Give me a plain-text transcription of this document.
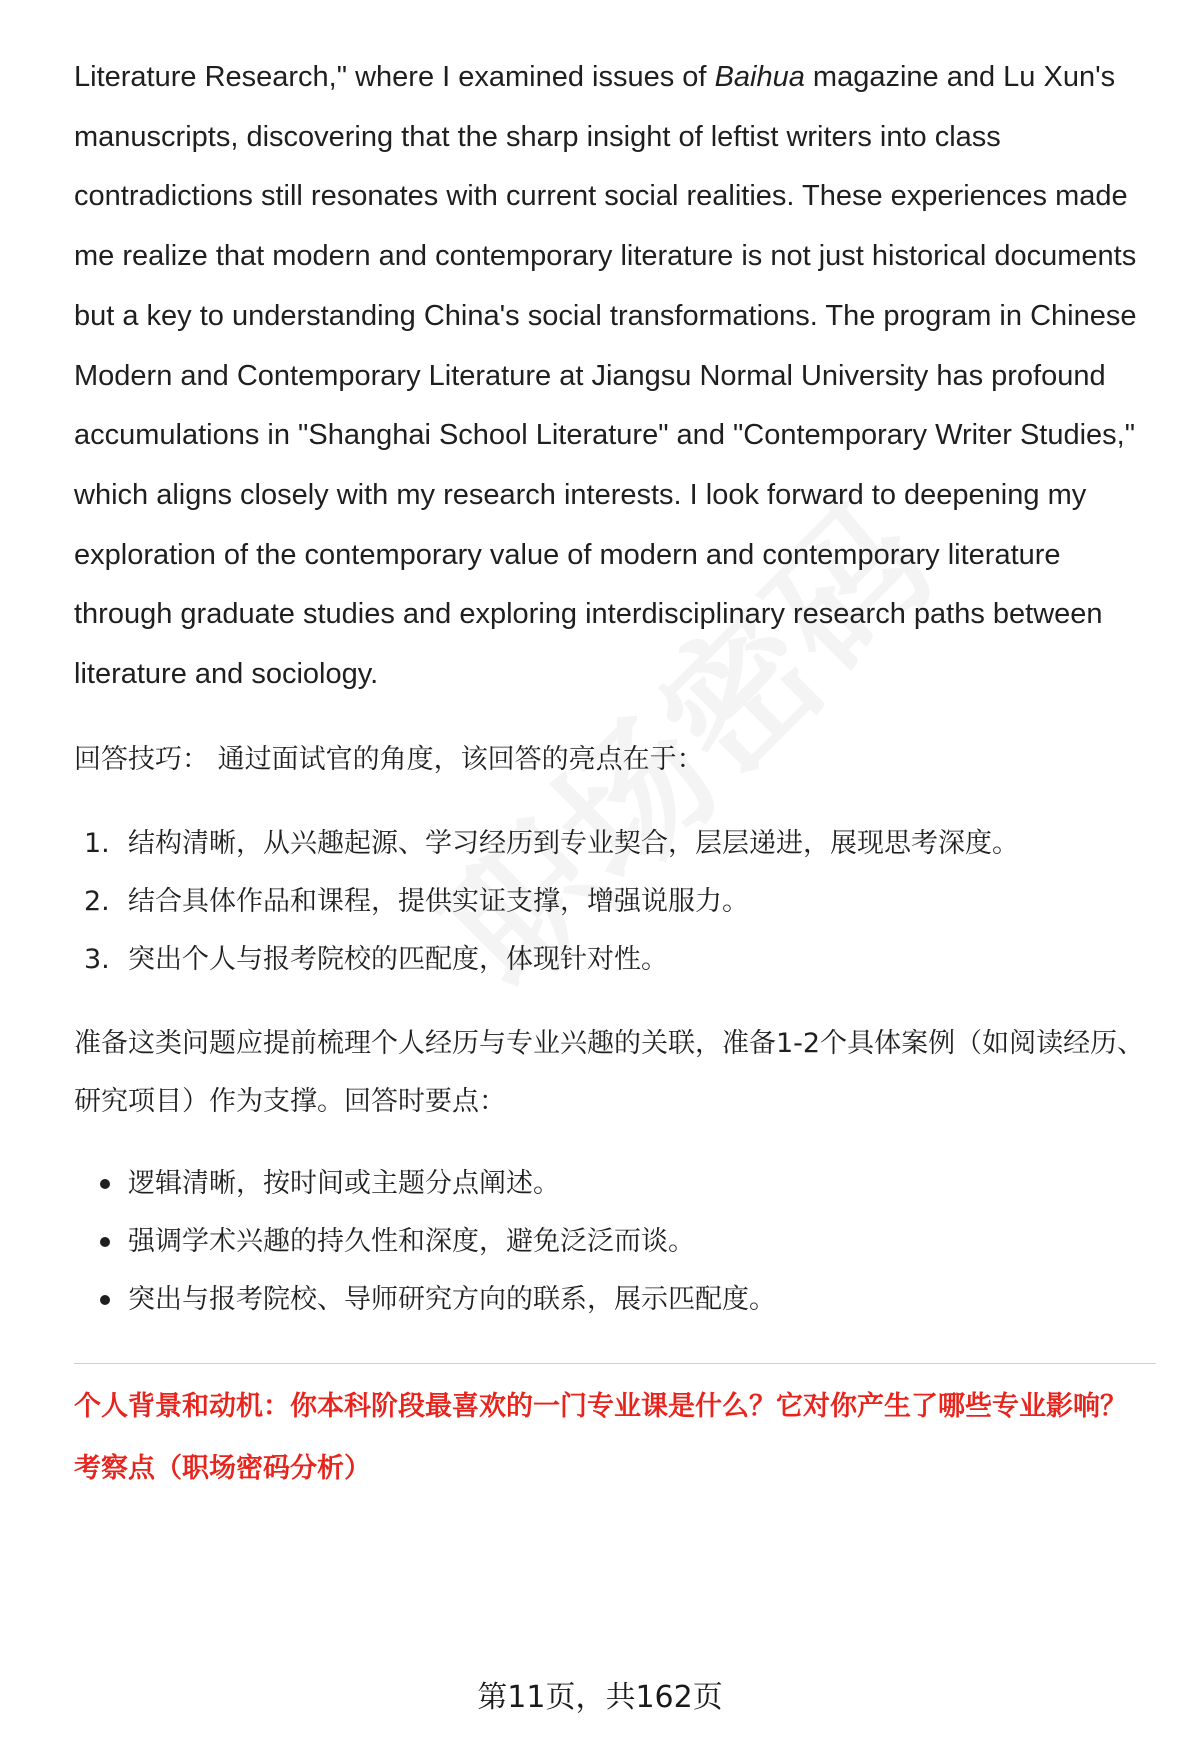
Literature Research," where I examined issues of Baihua magazine and Lu Xun's manuscripts, discovering that the sharp insight of leftist writers into class contradictions still resonates with current social realities. These experiences made me realize that modern and contemporary literature is not just historical documents but a key to understanding China's social transformations. The program in Chinese Modern and Contemporary Literature at Jiangsu Normal University has profound accumulations in "Shanghai School Literature" and "Contemporary Writer Studies," which aligns closely with my research interests. I look forward to deepening my exploration of the contemporary value of modern and contemporary literature through graduate studies and exploring interdisciplinary research paths between literature and sociology.

回答技巧： 通过面试官的角度，该回答的亮点在于：

1. 结构清晰，从兴趣起源、学习经历到专业契合，层层递进，展现思考深度。
2. 结合具体作品和课程，提供实证支撑，增强说服力。
3. 突出个人与报考院校的匹配度，体现针对性。

准备这类问题应提前梳理个人经历与专业兴趣的关联，准备1-2个具体案例（如阅读经历、研究项目）作为支撑。回答时要点：

逻辑清晰，按时间或主题分点阐述。
强调学术兴趣的持久性和深度，避免泛泛而谈。
突出与报考院校、导师研究方向的联系，展示匹配度。
个人背景和动机：你本科阶段最喜欢的一门专业课是什么？它对你产生了哪些专业影响？
考察点（职场密码分析）
第11页，共162页
